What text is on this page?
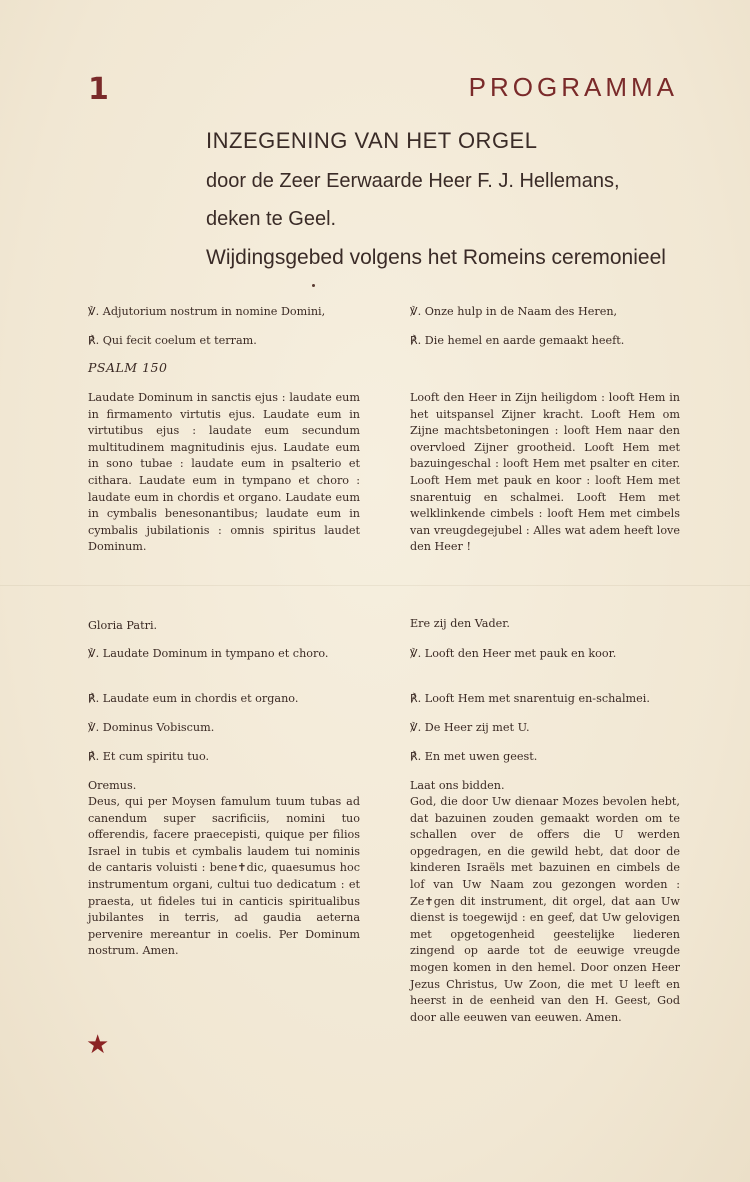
1	PROGRAMMA
INZEGENING VAN HET ORGEL
door de Zeer Eerwaarde Heer F. J. Hellemans,
deken te Geel.
Wijdingsgebed volgens het Romeins ceremonieel
℣. Adjutorium nostrum in nomine Domini,
℟. Qui fecit coelum et terram.
PSALM 150

Laudate Dominum in sanctis ejus : laudate eum in firmamento virtutis ejus. Laudate eum in virtutibus ejus : laudate eum secundum multitudinem magnitudinis ejus. Laudate eum in sono tubae : laudate eum in psalterio et cithara. Laudate eum in tympano et choro : laudate eum in chordis et organo. Laudate eum in cymbalis benesonantibus; laudate eum in cymbalis jubilationis : omnis spiritus laudet Dominum.

Gloria Patri.

℣. Laudate Dominum in tympano et choro.

℟. Laudate eum in chordis et organo.
℣. Dominus Vobiscum.
℟. Et cum spiritu tuo.
Oremus.

Deus, qui per Moysen famulum tuum tubas ad canendum super sacrificiis, nomini tuo offerendis, facere praecepisti, quique per filios Israel in tubis et cymbalis laudem tui nominis de cantaris voluisti : bene✝dic, quaesumus hoc instrumentum organi, cultui tuo dedicatum : et praesta, ut fideles tui in canticis spiritualibus jubilantes in terris, ad gaudia aeterna pervenire mereantur in coelis. Per Dominum nostrum. Amen.

℣. Onze hulp in de Naam des Heren,
℟. Die hemel en aarde gemaakt heeft.

Looft den Heer in Zijn heiligdom : looft Hem in het uitspansel Zijner kracht. Looft Hem om Zijne machtsbetoningen : looft Hem naar den overvloed Zijner grootheid. Looft Hem met bazuingeschal : looft Hem met psalter en citer. Looft Hem met pauk en koor : looft Hem met snarentuig en schalmei. Looft Hem met welklinkende cimbels : looft Hem met cimbels van vreugdegejubel : Alles wat adem heeft love den Heer !

Ere zij den Vader.
℣. Looft den Heer met pauk en koor.
℟. Looft Hem met snarentuig en-schalmei.
℣. De Heer zij met U.
℟. En met uwen geest.
Laat ons bidden.

God, die door Uw dienaar Mozes bevolen hebt, dat bazuinen zouden gemaakt worden om te schallen over de offers die U werden opgedragen, en die gewild hebt, dat door de kinderen Israëls met bazuinen en cimbels de lof van Uw Naam zou gezongen worden : Ze✝gen dit instrument, dit orgel, dat aan Uw dienst is toegewijd : en geef, dat Uw gelovigen met opgetogenheid geestelijke liederen zingend op aarde tot de eeuwige vreugde mogen komen in den hemel. Door onzen Heer Jezus Christus, Uw Zoon, die met U leeft en heerst in de eenheid van den H. Geest, God door alle eeuwen van eeuwen. Amen.

★
